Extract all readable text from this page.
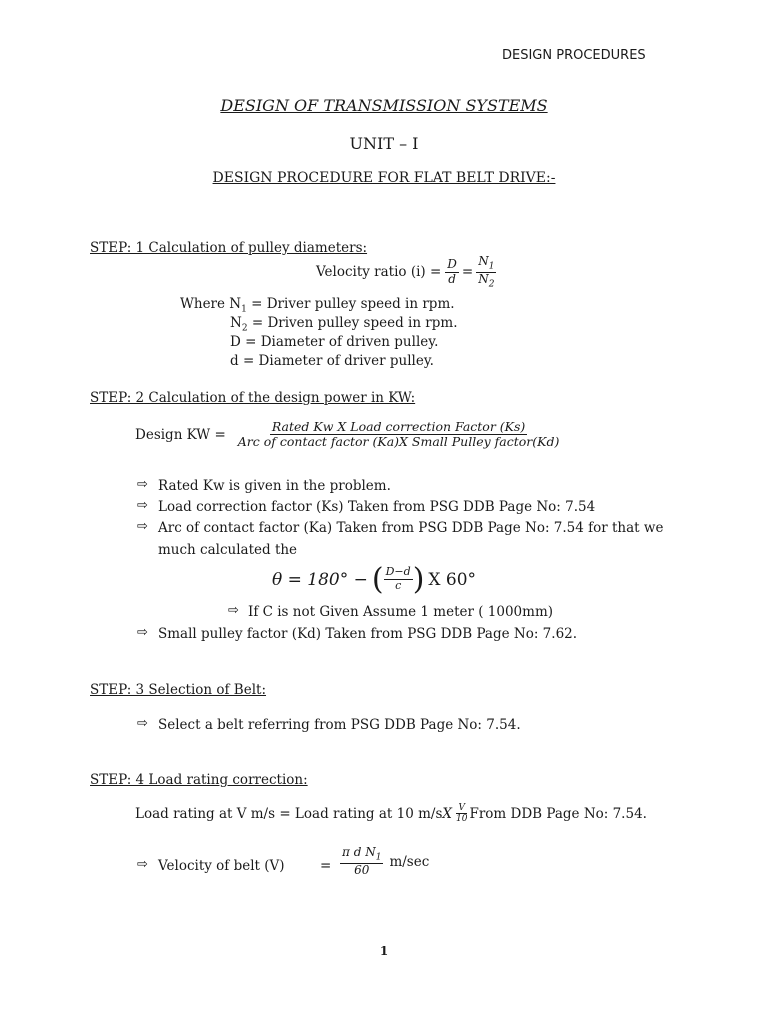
DESIGN PROCEDURES
DESIGN OF TRANSMISSION SYSTEMS
UNIT – I
DESIGN PROCEDURE FOR FLAT BELT DRIVE:-
STEP: 1 Calculation of pulley diameters:
Velocity ratio $(i) = \frac{D}{d} = \frac{N_1}{N_2}$
Where $N_1$ = Driver pulley speed in rpm.
$N_2$ = Driven pulley speed in rpm.
D = Diameter of driven pulley.
d = Diameter of driver pulley.
STEP: 2 Calculation of the design power in KW:
Design KW = $\frac{\text{Rated Kw X Load correction Factor (Ks)}}{\text{Arc of contact factor (Ka)X Small Pulley factor(Kd)}}$
⇨ Rated Kw is given in the problem.
⇨ Load correction factor (Ks) Taken from PSG DDB Page No: 7.54
⇨ Arc of contact factor (Ka) Taken from PSG DDB Page No: 7.54 for that we
much calculated the
θ = 180° − ( $\frac{D-d}{c}$ ) X 60°
⇨ If C is not Given Assume 1 meter ( 1000mm)
⇨ Small pulley factor (Kd) Taken from PSG DDB Page No: 7.62.
STEP: 3 Selection of Belt:
⇨ Select a belt referring from PSG DDB Page No: 7.54.
STEP: 4 Load rating correction:
Load rating at V m/s = Load rating at 10 m/s X $\frac{V}{10}$ From DDB Page No: 7.54.
⇨ Velocity of belt (V)	= $\frac{\pi d N_1}{60} m/\sec$
1
